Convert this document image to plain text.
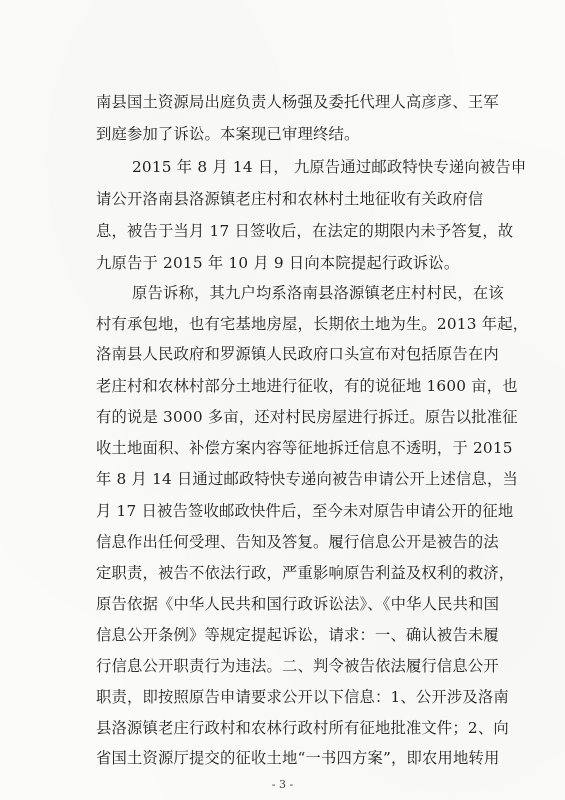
南县国土资源局出庭负责人杨强及委托代理人高彦彦、王军
到庭参加了诉讼。本案现已审理终结。
2015 年 8 月 14 日， 九原告通过邮政特快专递向被告申
请公开洛南县洛源镇老庄村和农林村土地征收有关政府信
息，被告于当月 17 日签收后，在法定的期限内未予答复，故
九原告于 2015 年 10 月 9 日向本院提起行政诉讼。
原告诉称，其九户均系洛南县洛源镇老庄村村民，在该
村有承包地，也有宅基地房屋，长期依土地为生。2013 年起，
洛南县人民政府和罗源镇人民政府口头宣布对包括原告在内
老庄村和农林村部分土地进行征收，有的说征地 1600 亩，也
有的说是 3000 多亩，还对村民房屋进行拆迁。原告以批准征
收土地面积、补偿方案内容等征地拆迁信息不透明，于 2015
年 8 月 14 日通过邮政特快专递向被告申请公开上述信息，当
月 17 日被告签收邮政快件后，至今未对原告申请公开的征地
信息作出任何受理、告知及答复。履行信息公开是被告的法
定职责，被告不依法行政，严重影响原告利益及权利的救济，
原告依据《中华人民共和国行政诉讼法》、《中华人民共和国
信息公开条例》等规定提起诉讼，请求：一、确认被告未履
行信息公开职责行为违法。二、判令被告依法履行信息公开
职责，即按照原告申请要求公开以下信息：1、公开涉及洛南
县洛源镇老庄行政村和农林行政村所有征地批准文件；2、向
省国土资源厅提交的征收土地“一书四方案”，即农用地转用
- 3 -
